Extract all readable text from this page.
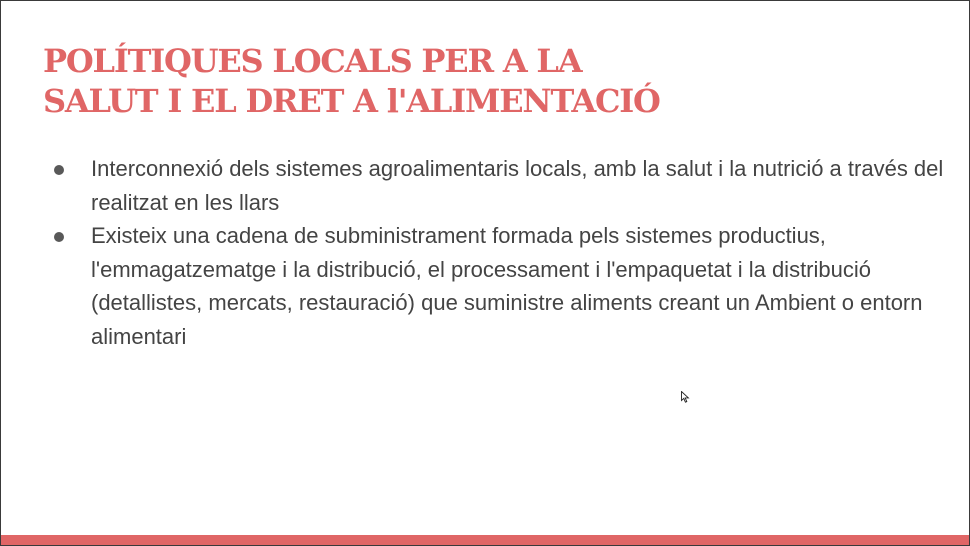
POLÍTIQUES LOCALS PER A LA
SALUT I EL DRET A l'ALIMENTACIÓ
Interconnexió dels sistemes agroalimentaris locals, amb la salut i la nutrició a través del realitzat en les llars
Existeix una cadena de subministrament formada pels sistemes productius, l'emmagatzematge i la distribució, el processament i l'empaquetat i la distribució (detallistes, mercats, restauració) que suministre aliments creant un Ambient o entorn alimentari
